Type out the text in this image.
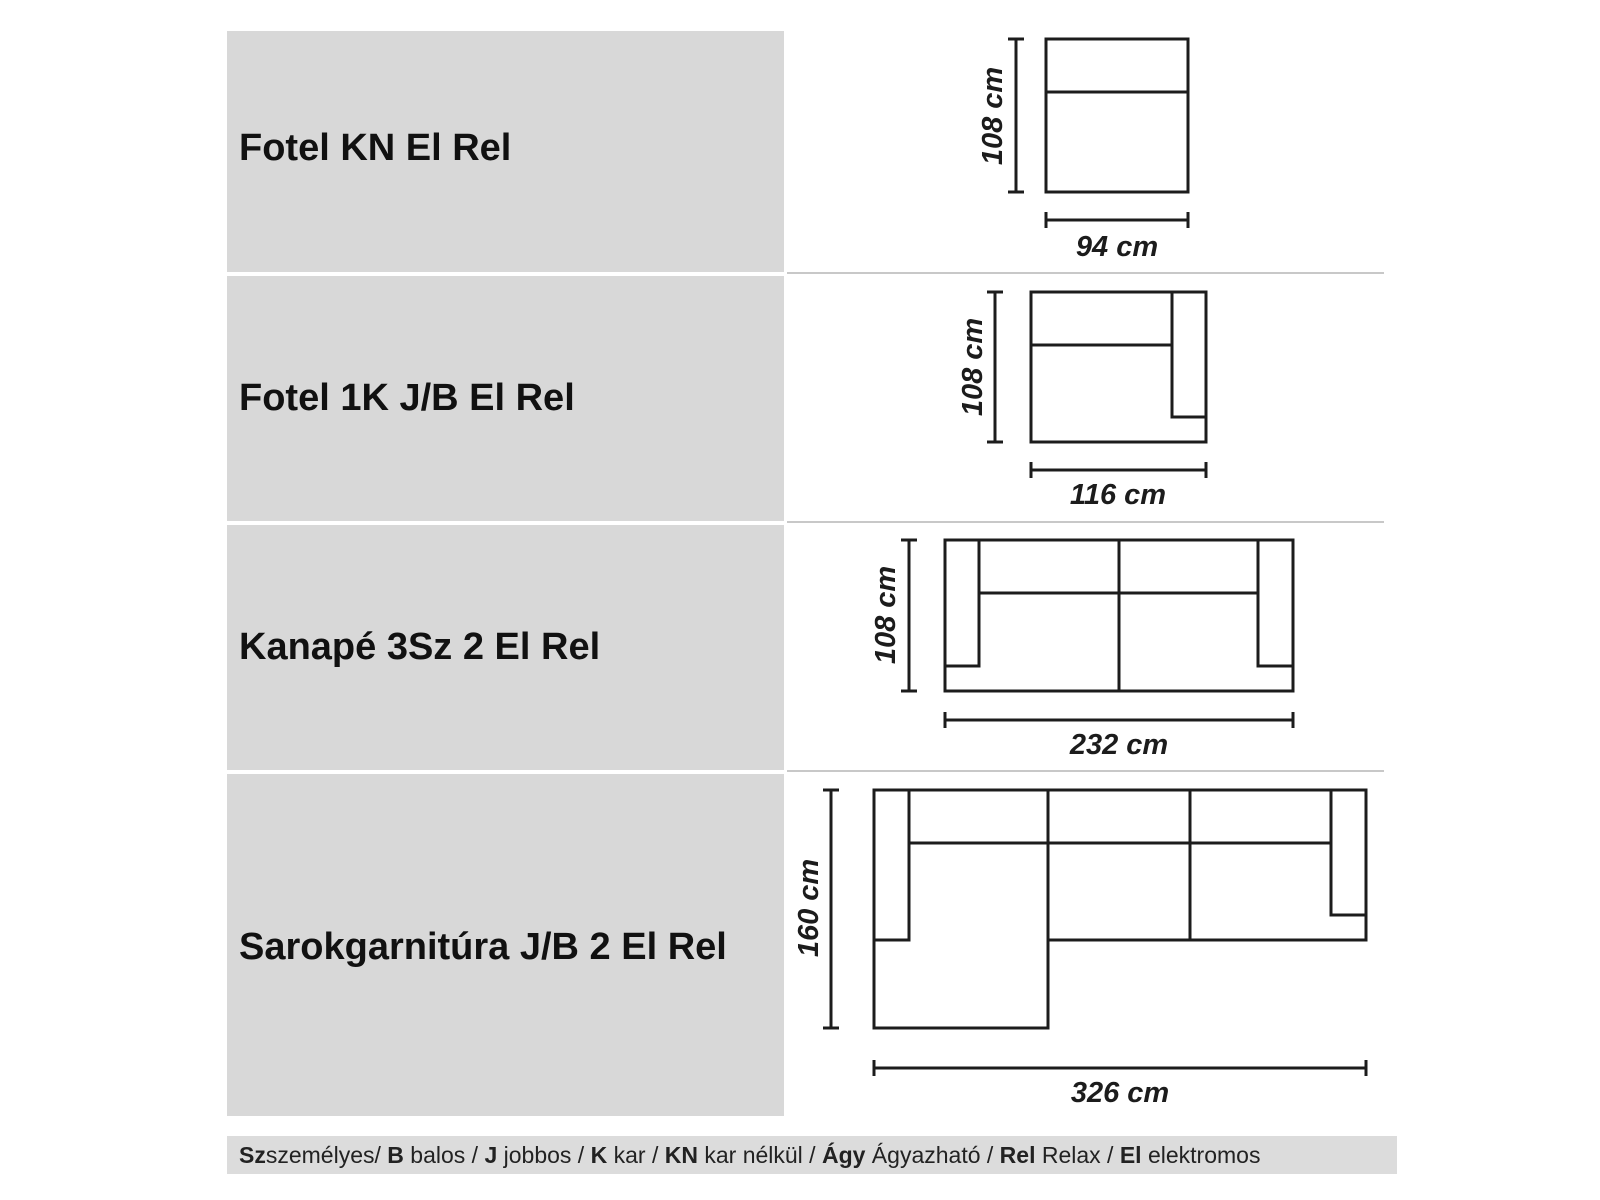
Fotel KN El Rel
Fotel 1K J/B El Rel
Kanapé 3Sz 2 El Rel
Sarokgarnitúra J/B 2 El Rel
108 cm
94 cm
108 cm
116 cm
108 cm
232 cm
160 cm
326 cm
Szszemélyes/ B balos / J jobbos / K kar / KN kar nélkül / Ágy Ágyazható / Rel Relax / El elektromos
